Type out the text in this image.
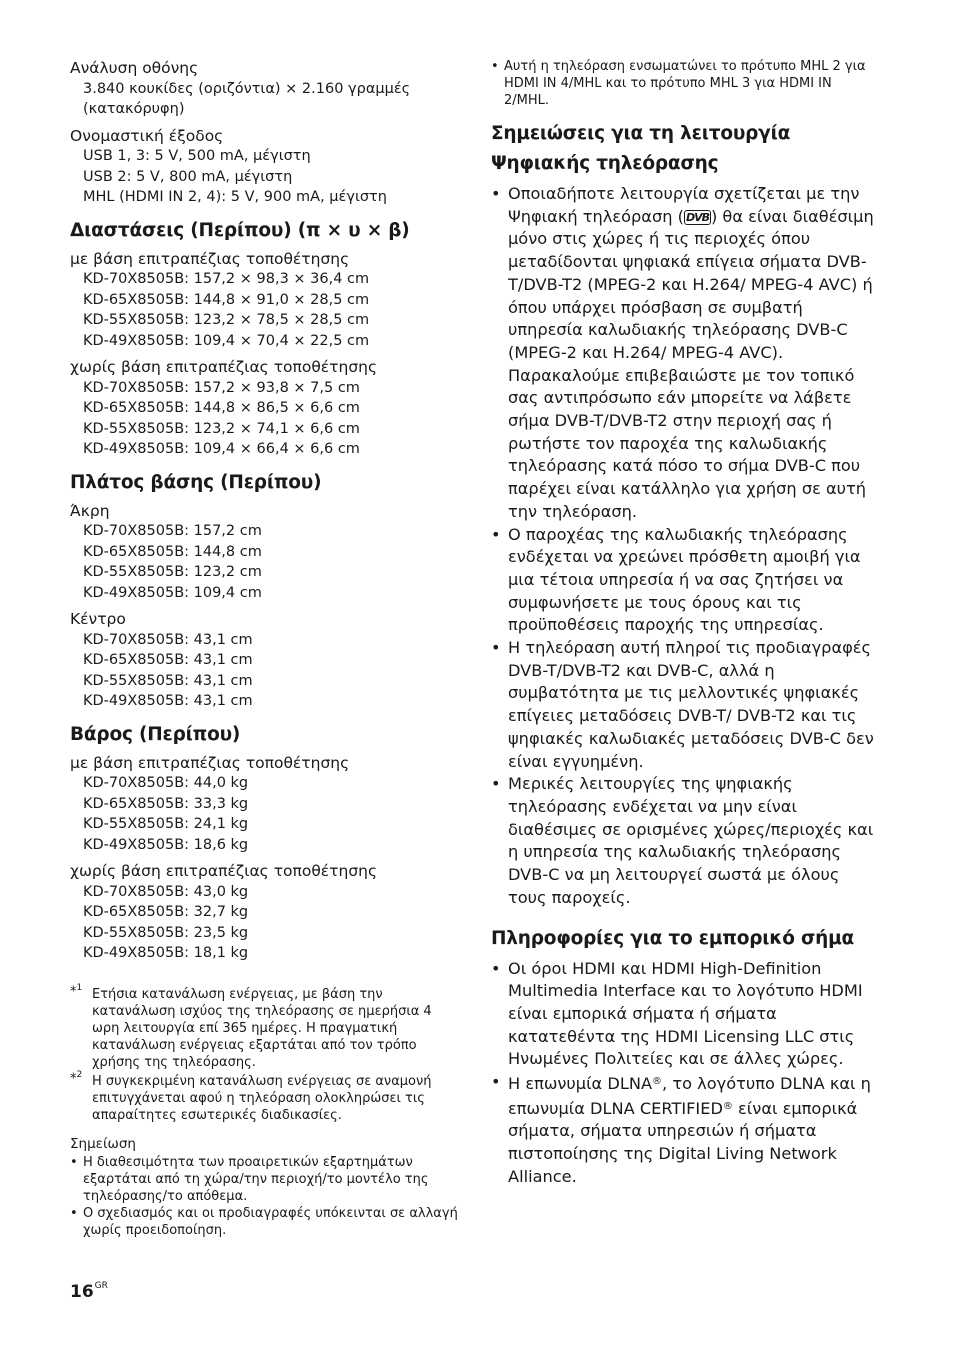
Ανάλυση οθόνης
3.840 κουκίδες (οριζόντια) × 2.160 γραμμές (κατακόρυφη)
Ονομαστική έξοδος
USB 1, 3: 5 V, 500 mA, μέγιστη
USB 2: 5 V, 800 mA, μέγιστη
MHL (HDMI IN 2, 4): 5 V, 900 mA, μέγιστη
Διαστάσεις (Περίπου) (π × υ × β)
με βάση επιτραπέζιας τοποθέτησης
KD-70X8505B: 157,2 × 98,3 × 36,4 cm
KD-65X8505B: 144,8 × 91,0 × 28,5 cm
KD-55X8505B: 123,2 × 78,5 × 28,5 cm
KD-49X8505B: 109,4 × 70,4 × 22,5 cm
χωρίς βάση επιτραπέζιας τοποθέτησης
KD-70X8505B: 157,2 × 93,8 × 7,5 cm
KD-65X8505B: 144,8 × 86,5 × 6,6 cm
KD-55X8505B: 123,2 × 74,1 × 6,6 cm
KD-49X8505B: 109,4 × 66,4 × 6,6 cm
Πλάτος βάσης (Περίπου)
Άκρη
KD-70X8505B: 157,2 cm
KD-65X8505B: 144,8 cm
KD-55X8505B: 123,2 cm
KD-49X8505B: 109,4 cm
Κέντρο
KD-70X8505B: 43,1 cm
KD-65X8505B: 43,1 cm
KD-55X8505B: 43,1 cm
KD-49X8505B: 43,1 cm
Βάρος (Περίπου)
με βάση επιτραπέζιας τοποθέτησης
KD-70X8505B: 44,0 kg
KD-65X8505B: 33,3 kg
KD-55X8505B: 24,1 kg
KD-49X8505B: 18,6 kg
χωρίς βάση επιτραπέζιας τοποθέτησης
KD-70X8505B: 43,0 kg
KD-65X8505B: 32,7 kg
KD-55X8505B: 23,5 kg
KD-49X8505B: 18,1 kg
*$^1$ Ετήσια κατανάλωση ενέργειας, με βάση την κατανάλωση ισχύος της τηλεόρασης σε ημερήσια 4 ωρη λειτουργία επί 365 ημέρες. Η πραγματική κατανάλωση ενέργειας εξαρτάται από τον τρόπο χρήσης της τηλεόρασης.
*$^2$ Η συγκεκριμένη κατανάλωση ενέργειας σε αναμονή επιτυγχάνεται αφού η τηλεόραση ολοκληρώσει τις απαραίτητες εσωτερικές διαδικασίες.
Σημείωση
• Η διαθεσιμότητα των προαιρετικών εξαρτημάτων εξαρτάται από τη χώρα/την περιοχή/το μοντέλο της τηλεόρασης/το απόθεμα.
• Ο σχεδιασμός και οι προδιαγραφές υπόκεινται σε αλλαγή χωρίς προειδοποίηση.
• Αυτή η τηλεόραση ενσωματώνει το πρότυπο MHL 2 για HDMI IN 4/MHL και το πρότυπο MHL 3 για HDMI IN 2/MHL.
Σημειώσεις για τη λειτουργία Ψηφιακής τηλεόρασης
• Οποιαδήποτε λειτουργία σχετίζεται με την Ψηφιακή τηλεόραση ( DVB ) θα είναι διαθέσιμη μόνο στις χώρες ή τις περιοχές όπου μεταδίδονται ψηφιακά επίγεια σήματα DVB-T/DVB-T2 (MPEG-2 και H.264/ MPEG-4 AVC) ή όπου υπάρχει πρόσβαση σε συμβατή υπηρεσία καλωδιακής τηλεόρασης DVB-C (MPEG-2 και H.264/ MPEG-4 AVC). Παρακαλούμε επιβεβαιώστε με τον τοπικό σας αντιπρόσωπο εάν μπορείτε να λάβετε σήμα DVB-T/DVB-T2 στην περιοχή σας ή ρωτήστε τον παροχέα της καλωδιακής τηλεόρασης κατά πόσο το σήμα DVB-C που παρέχει είναι κατάλληλο για χρήση σε αυτή την τηλεόραση.
• Ο παροχέας της καλωδιακής τηλεόρασης ενδέχεται να χρεώνει πρόσθετη αμοιβή για μια τέτοια υπηρεσία ή να σας ζητήσει να συμφωνήσετε με τους όρους και τις προϋποθέσεις παροχής της υπηρεσίας.
• Η τηλεόραση αυτή πληροί τις προδιαγραφές DVB-T/DVB-T2 και DVB-C, αλλά η συμβατότητα με τις μελλοντικές ψηφιακές επίγειες μεταδόσεις DVB-T/ DVB-T2 και τις ψηφιακές καλωδιακές μεταδόσεις DVB-C δεν είναι εγγυημένη.
• Μερικές λειτουργίες της ψηφιακής τηλεόρασης ενδέχεται να μην είναι διαθέσιμες σε ορισμένες χώρες/περιοχές και η υπηρεσία της καλωδιακής τηλεόρασης DVB-C να μη λειτουργεί σωστά με όλους τους παροχείς.
Πληροφορίες για το εμπορικό σήμα
• Οι όροι HDMI και HDMI High-Definition Multimedia Interface και το λογότυπο HDMI είναι εμπορικά σήματα ή σήματα κατατεθέντα της HDMI Licensing LLC στις Ηνωμένες Πολιτείες και σε άλλες χώρες.
• Η επωνυμία DLNA®, το λογότυπο DLNA και η επωνυμία DLNA CERTIFIED® είναι εμπορικά σήματα, σήματα υπηρεσιών ή σήματα πιστοποίησης της Digital Living Network Alliance.
$16^{GR}$
